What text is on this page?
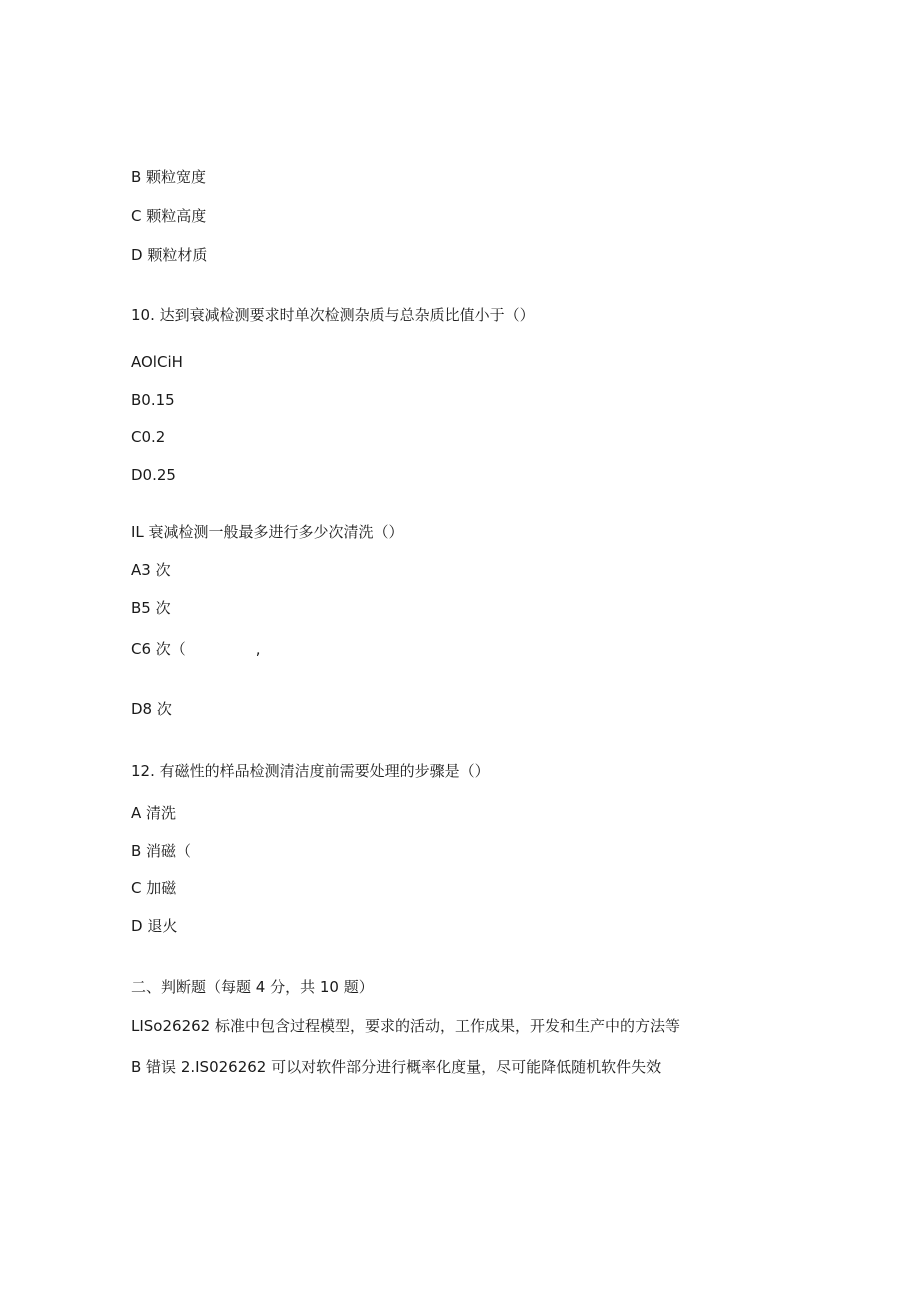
B 颗粒宽度
C 颗粒高度
D 颗粒材质
10. 达到衰减检测要求时单次检测杂质与总杂质比值小于（）
AOlCiH
B0.15
C0.2
D0.25
IL 衰减检测一般最多进行多少次清洗（）
A3 次
B5 次
C6 次（	,
D8 次
12. 有磁性的样品检测清洁度前需要处理的步骤是（）
A 清洗
B 消磁（
C 加磁
D 退火
二、判断题（每题 4 分，共 10 题）
LISo26262 标准中包含过程模型，要求的活动，工作成果，开发和生产中的方法等
B 错误 2.IS026262 可以对软件部分进行概率化度量，尽可能降低随机软件失效
